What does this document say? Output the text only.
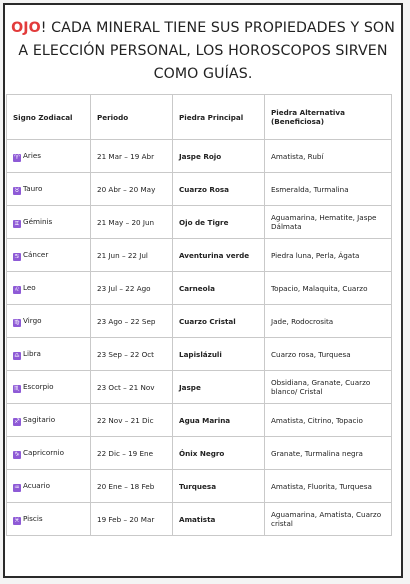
OJO! CADA MINERAL TIENE SUS PROPIEDADES Y SON A ELECCIÓN PERSONAL, LOS HOROSCOPOS SIRVEN COMO GUÍAS.
Signo Zodiacal	Periodo	Piedra Principal	Piedra Alternativa (Beneficiosa)
♈ Aries	21 Mar – 19 Abr	Jaspe Rojo	Amatista, Rubí
♉ Tauro	20 Abr – 20 May	Cuarzo Rosa	Esmeralda, Turmalina
♊ Géminis	21 May – 20 Jun	Ojo de Tigre	Aguamarina, Hematite, Jaspe Dálmata
♋ Cáncer	21 Jun – 22 Jul	Aventurina verde	Piedra luna, Perla, Ágata
♌ Leo	23 Jul – 22 Ago	Carneola	Topacio, Malaquita, Cuarzo
♍ Virgo	23 Ago – 22 Sep	Cuarzo Cristal	Jade, Rodocrosita
♎ Libra	23 Sep – 22 Oct	Lapislázuli	Cuarzo rosa, Turquesa
♏ Escorpio	23 Oct – 21 Nov	Jaspe	Obsidiana, Granate, Cuarzo blanco/ Cristal
♐ Sagitario	22 Nov – 21 Dic	Agua Marina	Amatista, Citrino, Topacio
♑ Capricornio	22 Dic – 19 Ene	Ónix Negro	Granate, Turmalina negra
♒ Acuario	20 Ene – 18 Feb	Turquesa	Amatista, Fluorita, Turquesa
♓ Piscis	19 Feb – 20 Mar	Amatista	Aguamarina, Amatista, Cuarzo cristal
